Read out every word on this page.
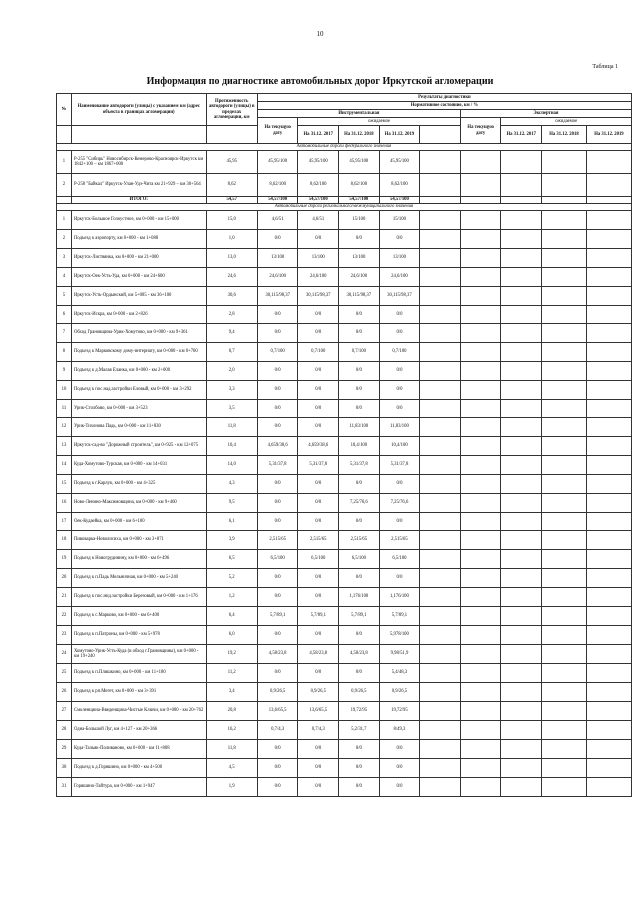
10
Таблица 1
Информация по диагностике автомобильных дорог Иркутской агломерации
№	Наименование автодороги (улицы) с указанием км (адрес объекта в границах агломерации)	Протяженность автодороги (улицы) в пределах агломерации, км	Результаты диагностики								
			Нормативное состояние, км / %								
			Инструментальная					Экспертная			
			На текущую дату	ожидаемое				На текущую дату	ожидаемое		
				На 31.12. 2017	На 31.12. 2018	На 31.12. 2019			На 31.12. 2017	На 31.12. 2018	На 31.12. 2019
Автомобильные дороги федерального значения											
1	Р-255 "Сибирь" Новосибирск-Кемерово-Красноярск-Иркутск км 1842+100 – км 1867+000	45,95	45,95/100	45,95/100	45,95/100	45,95/100					
2	Р-258 "Байкал" Иркутск-Улан-Удэ-Чита км 21+929 – км 30+564	8,62	8,62/100	8,62/100	8,62/100	8,62/100					
	ИТОГО:	54,57	54,57/100	54,57/100	54,57/100	54,57/100					
Автомобильные дороги регионального/межмуниципального значения											
1	Иркутск-Большое Голоустное, км 0+000 - км 15+000	15,0	4,6/51	4,6/51	15/100	15/100					
2	Подъезд к аэропорту, км 0+000 - км 1+088	1,0	0/0	0/0	0/0	0/0					
3	Иркутск-Листвянка, км 8+000 - км 21+000	13,0	13/100	13/100	13/100	13/100					
4	Иркутск-Оек-Усть-Уда, км 0+000 - км 24+600	24,6	24,6/100	24,6/100	24,6/100	24,6/100					
5	Иркутск-Усть-Ордынский, км 5+085 - км 36+100	30,6	30,115/98,37	30,115/98,37	30,115/98,37	30,115/98,37					
6	Иркутск-Искра, км 0+000 - км 2+826	2,8	0/0	0/0	0/0	0/0					
7	Обход Грановщина-Урик-Хомутово, км 0+000 - км 9+361	9,4	0/0	0/0	0/0	0/0					
8	Подъезд к Марковскому дому-интернату, км 0+000 - км 0+700	0,7	0,7/100	0,7/100	0,7/100	0,7/100					
9	Подъезд к д.Малая Еланка, км 0+000 - км 2+000	2,0	0/0	0/0	0/0	0/0					
10	Подъезд к пос.над.застройки Еловый, км 0+000 - км 3+292	3,3	0/0	0/0	0/0	0/0					
11	Урик-Столбово, км 0+000 - км 3+523	3,5	0/0	0/0	0/0	0/0					
12	Урик-Тихонова Падь, км 0+000 - км 11+830	11,8	0/0	0/0	11,83/100	11,83/100					
13	Иркутск-сад-во "Дорожный строитель", км 0+925 - км 12+075	10,4	4,659/38,6	4,659/38,6	10,4/100	10,4/100					
14	Куда-Хомутово-Турская, км 0+000 - км 14+031	14,0	5,31/37,8	5,31/37,8	5,31/37,8	5,31/37,8					
15	Подъезд к г.Карлук, км 0+000 - км 4+325	4,3	0/0	0/0	0/0	0/0					
16	Ново-Ленино-Максимовщина, км 0+000 - км 9+460	9,5	0/0	0/0	7,25/76,6	7,25/76,6					
17	Оек-Кудаейка, км 0+000 - км 6+100	6,1	0/0	0/0	0/0	0/0					
18	Пивоварка-Новолисиха, км 0+000 - км 3+871	3,9	2,515/65	2,515/65	2,515/65	2,515/65					
19	Подъезд к Новогрудинину, км 0+000 - км 6+496	6,5	6,5/100	6,5/100	6,5/100	6,5/100					
20	Подъезд к п.Падь Мельничная, км 0+000 - км 5+240	5,2	0/0	0/0	0/0	0/0					
21	Подъезд к пос.инд.застройки Березовый, км 0+000 - км 1+176	1,2	0/0	0/0	1,176/100	1,176/100					
22	Подъезд к с.Марково, км 0+000 - км 6+400	6,4	5,7/89,1	5,7/89,1	5,7/89,1	5,7/89,1					
23	Подъезд к п.Патроны, км 0+000 - км 5+978	6,0	0/0	0/0	0/0	5,978/100					
24	Хомутово-Урик-Усть-Куда (в обход г.Грановщины), км 0+000 - км 19+240	19,2	4,58/23,8	4,58/23,8	4,58/23,8	9,98/51,9					
25	Подъезд к п.Плишкино, км 0+000 - км 11+180	11,2	0/0	0/0	0/0	5,4/48,3					
26	Подъезд к рп.Мегет, км 0+000 - км 3+391	3,4	0,9/26,5	0,9/26,5	0,9/26,5	0,9/26,5					
27	Смоленщина-Введенщина-Чистые Ключи, км 0+000 - км 20+762	20,8	13,6/65,5	13,6/65,5	19,72/95	19,72/95					
28	Одна-Большой Луг, км 4+127 - км 20+366	16,2	0,7/4,3	0,7/4,3	5,2/31,7	8/49,3					
29	Куда-Тальяк-Поливаново, км 0+000 - км 11+808	11,8	0/0	0/0	0/0	0/0					
30	Подъезд к д.Горяшино, км 0+000 - км 4+500	4,5	0/0	0/0	0/0	0/0					
31	Горяшино-Тайтура, км 0+000 - км 1+947	1,9	0/0	0/0	0/0	0/0					
